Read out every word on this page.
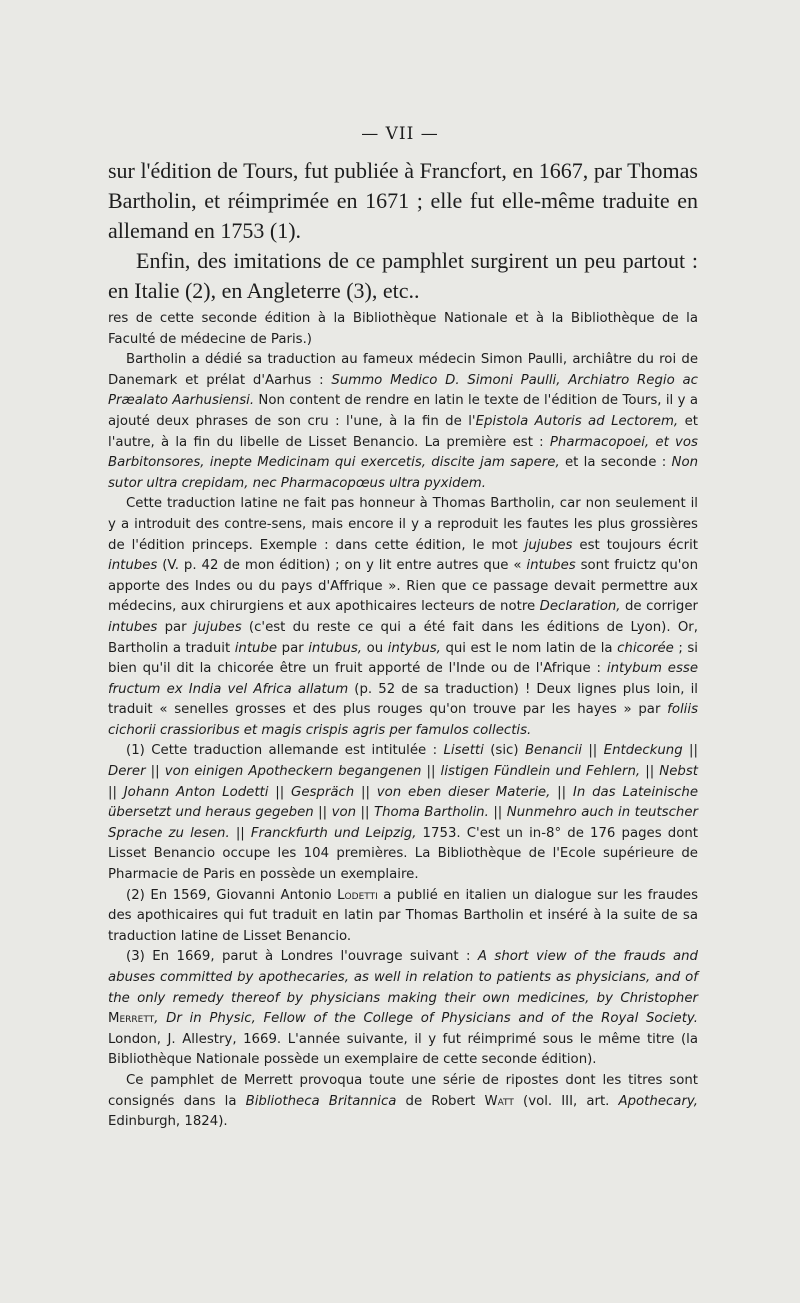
— VII —

sur l'édition de Tours, fut publiée à Francfort, en 1667, par Thomas Bartholin, et réimprimée en 1671 ; elle fut elle-même traduite en allemand en 1753 (1).

Enfin, des imitations de ce pamphlet surgirent un peu partout : en Italie (2), en Angleterre (3), etc..

res de cette seconde édition à la Bibliothèque Nationale et à la Bibliothèque de la Faculté de médecine de Paris.)

Bartholin a dédié sa traduction au fameux médecin Simon Paulli, archiâtre du roi de Danemark et prélat d'Aarhus : Summo Medico D. Simoni Paulli, Archiatro Regio ac Præalato Aarhusiensi. Non content de rendre en latin le texte de l'édition de Tours, il y a ajouté deux phrases de son cru : l'une, à la fin de l'Epistola Autoris ad Lectorem, et l'autre, à la fin du libelle de Lisset Benancio. La première est : Pharmacopoei, et vos Barbitonsores, inepte Medicinam qui exercetis, discite jam sapere, et la seconde : Non sutor ultra crepidam, nec Pharmacopœus ultra pyxidem.

Cette traduction latine ne fait pas honneur à Thomas Bartholin, car non seulement il y a introduit des contre-sens, mais encore il y a reproduit les fautes les plus grossières de l'édition princeps. Exemple : dans cette édition, le mot jujubes est toujours écrit intubes (V. p. 42 de mon édition) ; on y lit entre autres que « intubes sont fruictz qu'on apporte des Indes ou du pays d'Affrique ». Rien que ce passage devait permettre aux médecins, aux chirurgiens et aux apothicaires lecteurs de notre Declaration, de corriger intubes par jujubes (c'est du reste ce qui a été fait dans les éditions de Lyon). Or, Bartholin a traduit intube par intubus, ou intybus, qui est le nom latin de la chicorée ; si bien qu'il dit la chicorée être un fruit apporté de l'Inde ou de l'Afrique : intybum esse fructum ex India vel Africa allatum (p. 52 de sa traduction) ! Deux lignes plus loin, il traduit « senelles grosses et des plus rouges qu'on trouve par les hayes » par foliis cichorii crassioribus et magis crispis agris per famulos collectis.

(1) Cette traduction allemande est intitulée : Lisetti (sic) Benancii || Entdeckung || Derer || von einigen Apotheckern begangenen || listigen Fündlein und Fehlern, || Nebst || Johann Anton Lodetti || Gespräch || von eben dieser Materie, || In das Lateinische übersetzt und heraus gegeben || von || Thoma Bartholin. || Nunmehro auch in teutscher Sprache zu lesen. || Franckfurth und Leipzig, 1753. C'est un in-8° de 176 pages dont Lisset Benancio occupe les 104 premières. La Bibliothèque de l'Ecole supérieure de Pharmacie de Paris en possède un exemplaire.

(2) En 1569, Giovanni Antonio Lodetti a publié en italien un dialogue sur les fraudes des apothicaires qui fut traduit en latin par Thomas Bartholin et inséré à la suite de sa traduction latine de Lisset Benancio.

(3) En 1669, parut à Londres l'ouvrage suivant : A short view of the frauds and abuses committed by apothecaries, as well in relation to patients as physicians, and of the only remedy thereof by physicians making their own medicines, by Christopher Merrett, Dr in Physic, Fellow of the College of Physicians and of the Royal Society. London, J. Allestry, 1669. L'année suivante, il y fut réimprimé sous le même titre (la Bibliothèque Nationale possède un exemplaire de cette seconde édition).

Ce pamphlet de Merrett provoqua toute une série de ripostes dont les titres sont consignés dans la Bibliotheca Britannica de Robert Watt (vol. III, art. Apothecary, Edinburgh, 1824).
